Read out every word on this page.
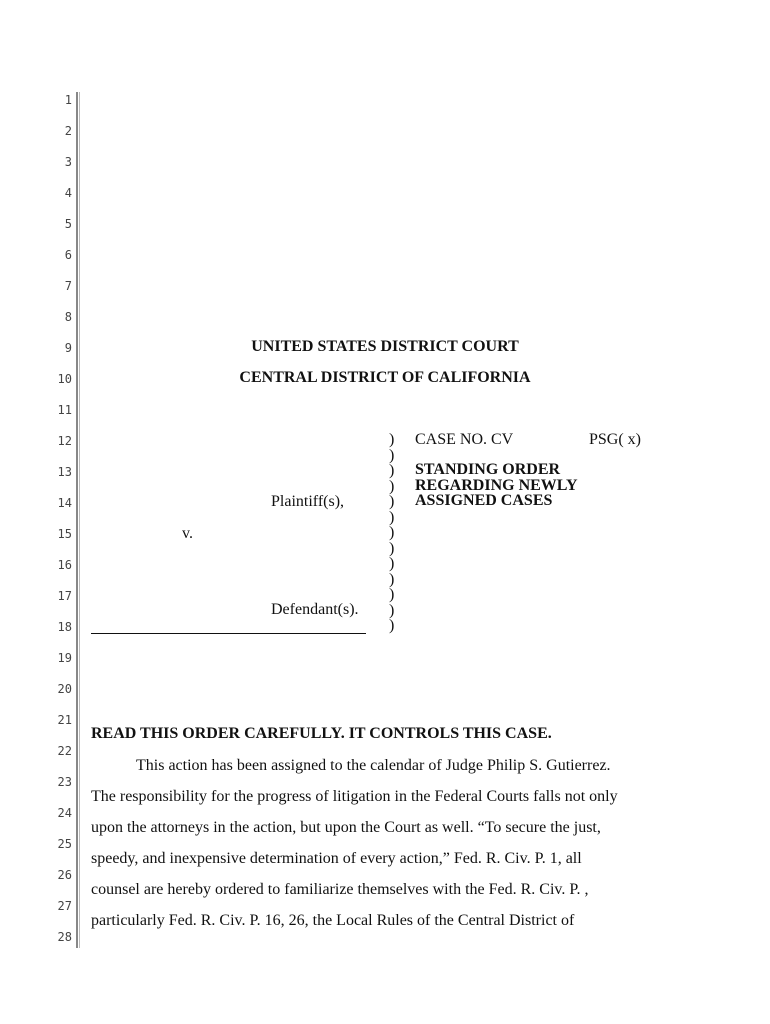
1
2
3
4
5
6
7
8
9
10
11
12
13
14
15
16
17
18
19
20
21
22
23
24
25
26
27
28
UNITED STATES DISTRICT COURT
CENTRAL DISTRICT OF CALIFORNIA
Plaintiff(s),
v.
Defendant(s).
)
)
)
)
)
)
)
)
)
)
)
)
)
CASE NO. CV	PSG( x)
STANDING ORDER
REGARDING NEWLY
ASSIGNED CASES
READ THIS ORDER CAREFULLY. IT CONTROLS THIS CASE.
This action has been assigned to the calendar of Judge Philip S. Gutierrez.
The responsibility for the progress of litigation in the Federal Courts falls not only
upon the attorneys in the action, but upon the Court as well. “To secure the just,
speedy, and inexpensive determination of every action,” Fed. R. Civ. P. 1, all
counsel are hereby ordered to familiarize themselves with the Fed. R. Civ. P. ,
particularly Fed. R. Civ. P. 16, 26, the Local Rules of the Central District of
